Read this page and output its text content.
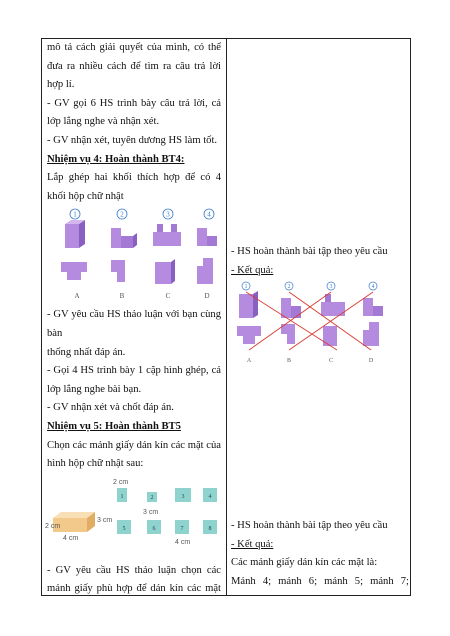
mô tả cách giải quyết của mình, có thể
đưa ra nhiều cách để tìm ra câu trả lời
hợp lí.
- GV gọi 6 HS trình bày câu trả lời, cả
lớp lắng nghe và nhận xét.
- GV nhận xét, tuyên dương HS làm tốt.
Nhiệm vụ 4: Hoàn thành BT4:
Lắp ghép hai khối thích hợp để có 4
khối hộp chữ nhật
1	2	3	4
A	B	C	D
- GV yêu cầu HS thảo luận với bạn cùng
bàn
thống nhất đáp án.
- Gọi 4 HS trình bày 1 cặp hình ghép, cả
lớp lắng nghe bài bạn.
- GV nhận xét và chốt đáp án.
Nhiệm vụ 5: Hoàn thành BT5
Chọn các mảnh giấy dán kín các mặt của
hình hộp chữ nhật sau:
3 cm
4 cm
2 cm
2 cm
3 cm
4 cm
1	2	3	4
5	6	7	8
- GV yêu cầu HS thảo luận chọn các
mảnh giấy phù hợp để dán kín các mặt
- HS hoàn thành bài tập theo yêu cầu
- Kết quả:
1	2	3	4
A	B	C	D
- HS hoàn thành bài tập theo yêu cầu
- Kết quả:
Các mảnh giấy dán kín các mặt là:
Mảnh 4; mảnh 6; mảnh 5; mảnh 7;
